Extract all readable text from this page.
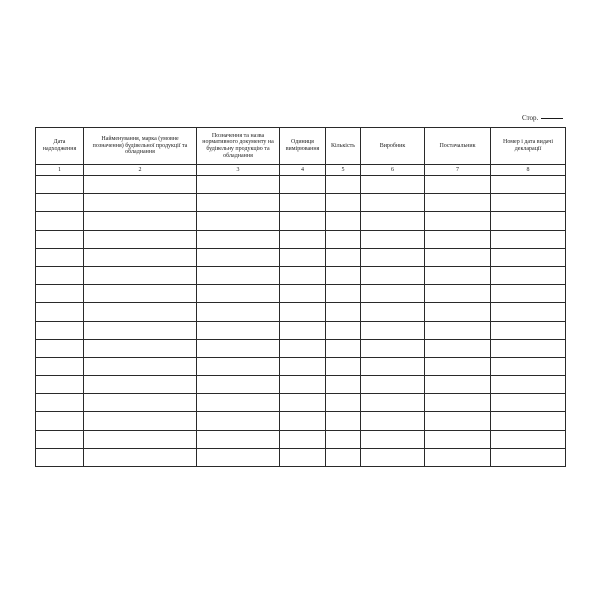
Стор.
Дата надходження	Найменування, марка (умовне позначення) будівельної продукції та обладнання	Позначення та назва нормативного документу на будівельну продукцію та обладнання	Одиниця вимірювання	Кількість	Виробник	Постачальник	Номер і дата видачі декларації
1	2	3	4	5	6	7	8
